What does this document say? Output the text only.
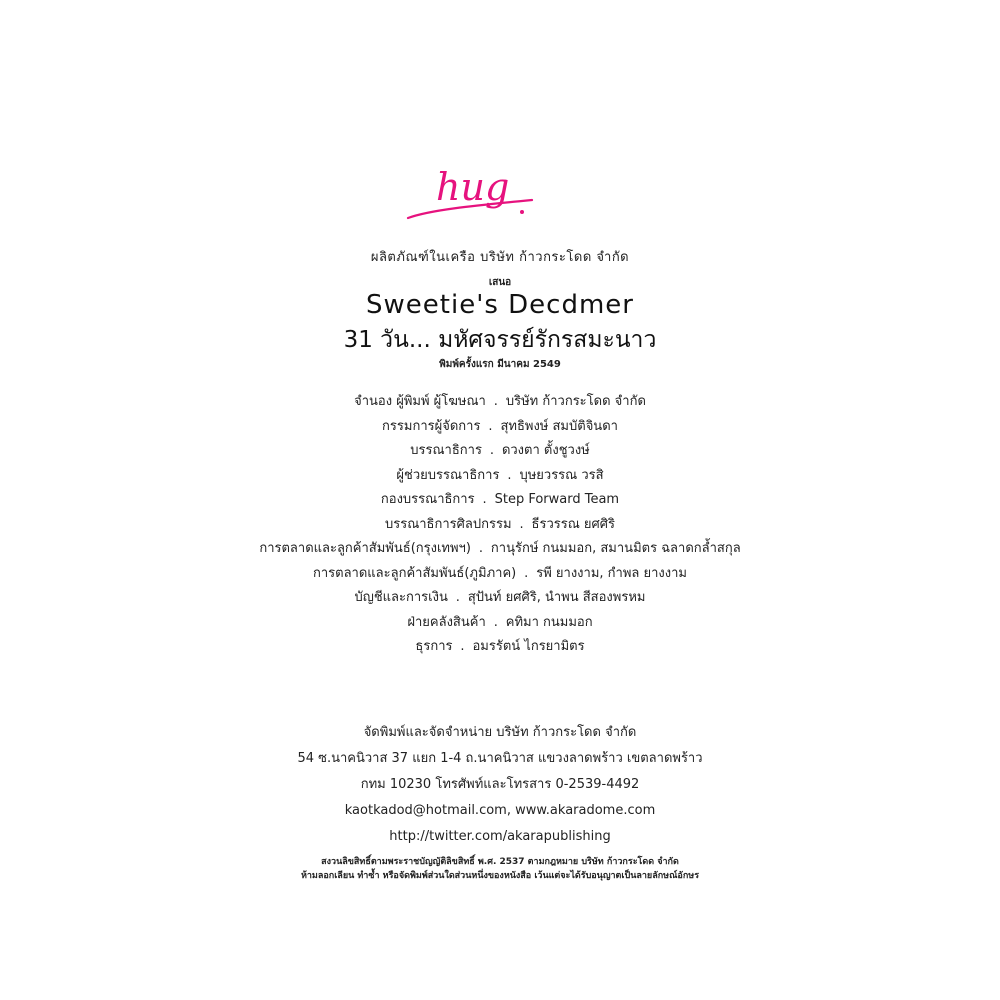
hug
ผลิตภัณฑ์ในเครือ บริษัท ก้าวกระโดด จำกัด
เสนอ
Sweetie's Decdmer
31 วัน... มหัศจรรย์รักรสมะนาว
พิมพ์ครั้งแรก มีนาคม 2549
จำนอง ผู้พิมพ์ ผู้โฆษณา . บริษัท ก้าวกระโดด จำกัด
กรรมการผู้จัดการ . สุทธิพงษ์ สมบัติจินดา
บรรณาธิการ . ดวงตา ตั้งชูวงษ์
ผู้ช่วยบรรณาธิการ . บุษยวรรณ วรสิ
กองบรรณาธิการ . Step Forward Team
บรรณาธิการศิลปกรรม . ธีรวรรณ ยศศิริ
การตลาดและลูกค้าสัมพันธ์(กรุงเทพฯ) . กานุรักษ์ กนมมอก, สมานมิตร ฉลาดกล้ำสกุล
การตลาดและลูกค้าสัมพันธ์(ภูมิภาค) . รพี ยางงาม, กำพล ยางงาม
บัญชีและการเงิน . สุปันท์ ยศศิริ, นำพน สีสองพรหม
ฝ่ายคลังสินค้า . คทิมา กนมมอก
ธุรการ . อมรรัตน์ ไกรยามิตร
จัดพิมพ์และจัดจำหน่าย บริษัท ก้าวกระโดด จำกัด
54 ซ.นาคนิวาส 37 แยก 1-4 ถ.นาคนิวาส แขวงลาดพร้าว เขตลาดพร้าว
กทม 10230 โทรศัพท์และโทรสาร 0-2539-4492
kaotkadod@hotmail.com, www.akaradome.com
http://twitter.com/akarapublishing
สงวนลิขสิทธิ์ตามพระราชบัญญัติลิขสิทธิ์ พ.ศ. 2537 ตามกฎหมาย บริษัท ก้าวกระโดด จำกัด
ห้ามลอกเลียน ทำซ้ำ หรือจัดพิมพ์ส่วนใดส่วนหนึ่งของหนังสือ เว้นแต่จะได้รับอนุญาตเป็นลายลักษณ์อักษร
